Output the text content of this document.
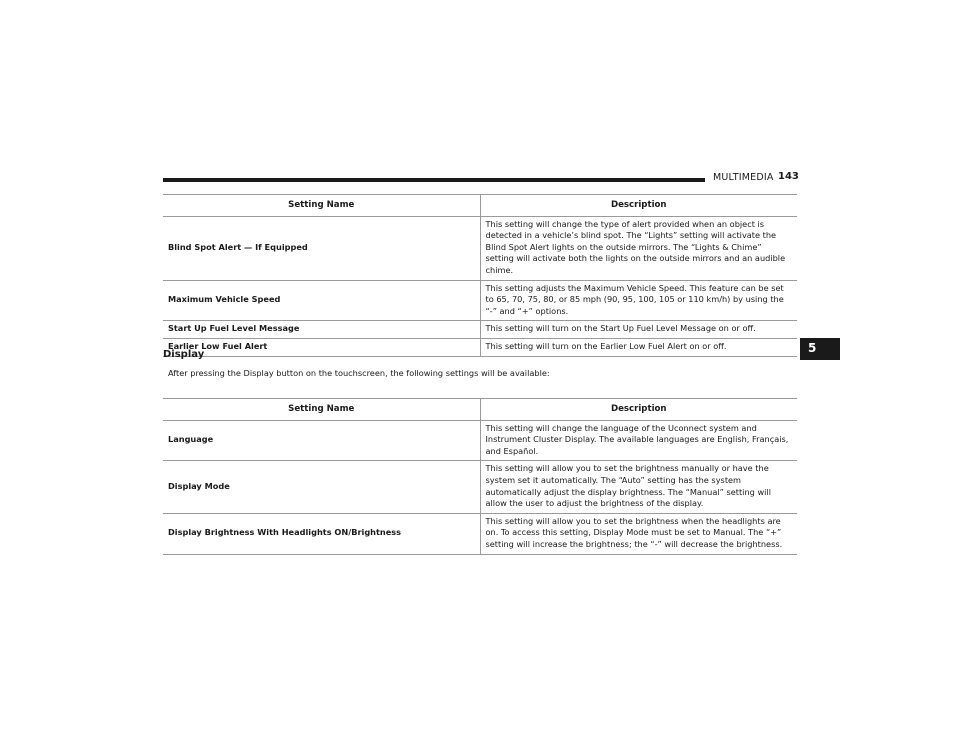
MULTIMEDIA 143
5
Setting Name	Description
Blind Spot Alert — If Equipped	This setting will change the type of alert provided when an object is detected in a vehicle’s blind spot. The “Lights” setting will activate the Blind Spot Alert lights on the outside mirrors. The “Lights & Chime” setting will activate both the lights on the outside mirrors and an audible chime.
Maximum Vehicle Speed	This setting adjusts the Maximum Vehicle Speed. This feature can be set to 65, 70, 75, 80, or 85 mph (90, 95, 100, 105 or 110 km/h) by using the “-” and “+” options.
Start Up Fuel Level Message	This setting will turn on the Start Up Fuel Level Message on or off.
Earlier Low Fuel Alert	This setting will turn on the Earlier Low Fuel Alert on or off.
Display
After pressing the Display button on the touchscreen, the following settings will be available:
Setting Name	Description
Language	This setting will change the language of the Uconnect system and Instrument Cluster Display. The available languages are English, Français, and Español.
Display Mode	This setting will allow you to set the brightness manually or have the system set it automatically. The “Auto” setting has the system automatically adjust the display brightness. The “Manual” setting will allow the user to adjust the brightness of the display.
Display Brightness With Headlights ON/Brightness	This setting will allow you to set the brightness when the headlights are on. To access this setting, Display Mode must be set to Manual. The “+” setting will increase the brightness; the “-” will decrease the brightness.
